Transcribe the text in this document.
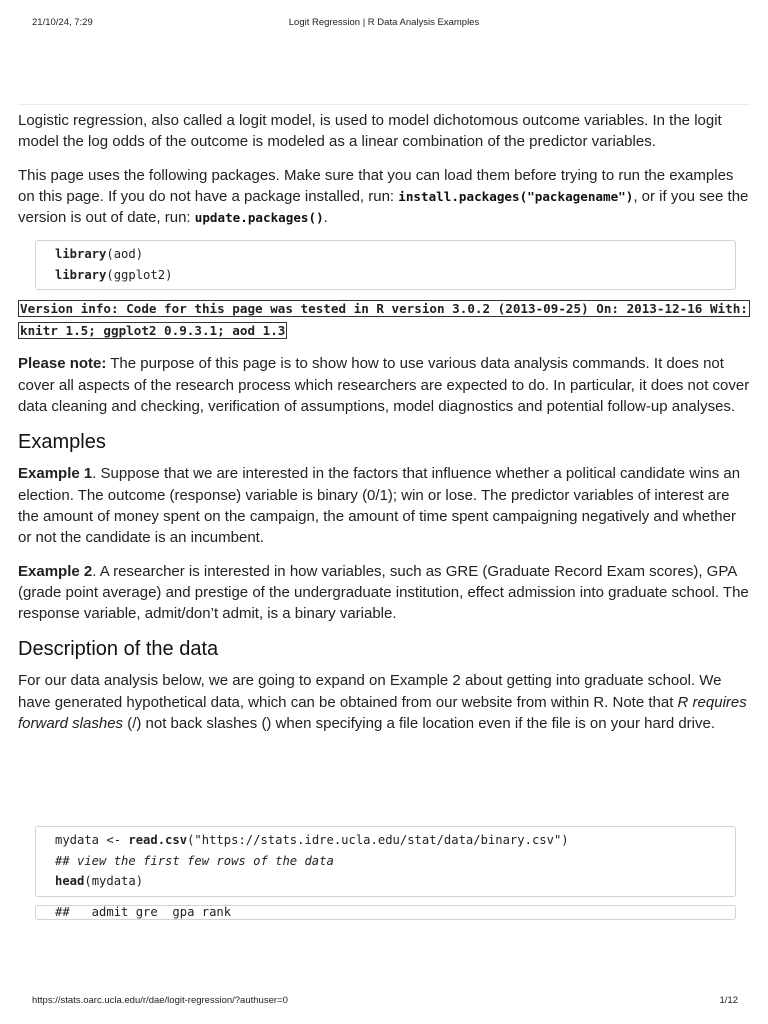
21/10/24, 7:29	Logit Regression | R Data Analysis Examples

Logistic regression, also called a logit model, is used to model dichotomous outcome variables. In the logit model the log odds of the outcome is modeled as a linear combination of the predictor variables.

This page uses the following packages. Make sure that you can load them before trying to run the examples on this page. If you do not have a package installed, run: install.packages("packagename"), or if you see the version is out of date, run: update.packages().

library(aod)
library(ggplot2)
Version info: Code for this page was tested in R version 3.0.2 (2013-09-25) On: 2013-12-16 With: knitr 1.5; ggplot2 0.9.3.1; aod 1.3

Please note: The purpose of this page is to show how to use various data analysis commands. It does not cover all aspects of the research process which researchers are expected to do. In particular, it does not cover data cleaning and checking, verification of assumptions, model diagnostics and potential follow-up analyses.

Examples

Example 1. Suppose that we are interested in the factors that influence whether a political candidate wins an election. The outcome (response) variable is binary (0/1); win or lose. The predictor variables of interest are the amount of money spent on the campaign, the amount of time spent campaigning negatively and whether or not the candidate is an incumbent.

Example 2. A researcher is interested in how variables, such as GRE (Graduate Record Exam scores), GPA (grade point average) and prestige of the undergraduate institution, effect admission into graduate school. The response variable, admit/don’t admit, is a binary variable.

Description of the data

For our data analysis below, we are going to expand on Example 2 about getting into graduate school. We have generated hypothetical data, which can be obtained from our website from within R. Note that R requires forward slashes (/) not back slashes () when specifying a file location even if the file is on your hard drive.

mydata <- read.csv("https://stats.idre.ucla.edu/stat/data/binary.csv")
## view the first few rows of the data
head(mydata)
##   admit gre  gpa rank
https://stats.oarc.ucla.edu/r/dae/logit-regression/?authuser=0	1/12
